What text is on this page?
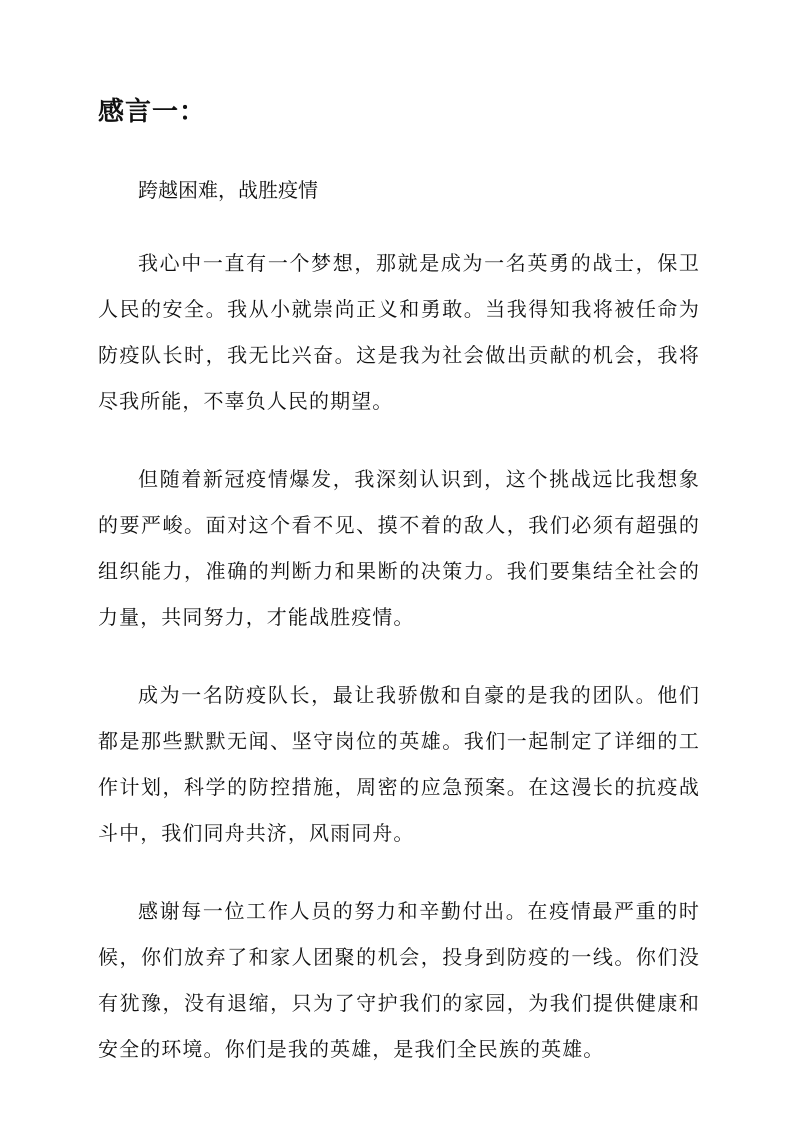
感言一：

跨越困难，战胜疫情

我心中一直有一个梦想，那就是成为一名英勇的战士，保卫人民的安全。我从小就崇尚正义和勇敢。当我得知我将被任命为防疫队长时，我无比兴奋。这是我为社会做出贡献的机会，我将尽我所能，不辜负人民的期望。

但随着新冠疫情爆发，我深刻认识到，这个挑战远比我想象的要严峻。面对这个看不见、摸不着的敌人，我们必须有超强的组织能力，准确的判断力和果断的决策力。我们要集结全社会的力量，共同努力，才能战胜疫情。

成为一名防疫队长，最让我骄傲和自豪的是我的团队。他们都是那些默默无闻、坚守岗位的英雄。我们一起制定了详细的工作计划，科学的防控措施，周密的应急预案。在这漫长的抗疫战斗中，我们同舟共济，风雨同舟。

感谢每一位工作人员的努力和辛勤付出。在疫情最严重的时候，你们放弃了和家人团聚的机会，投身到防疫的一线。你们没有犹豫，没有退缩，只为了守护我们的家园，为我们提供健康和安全的环境。你们是我的英雄，是我们全民族的英雄。
